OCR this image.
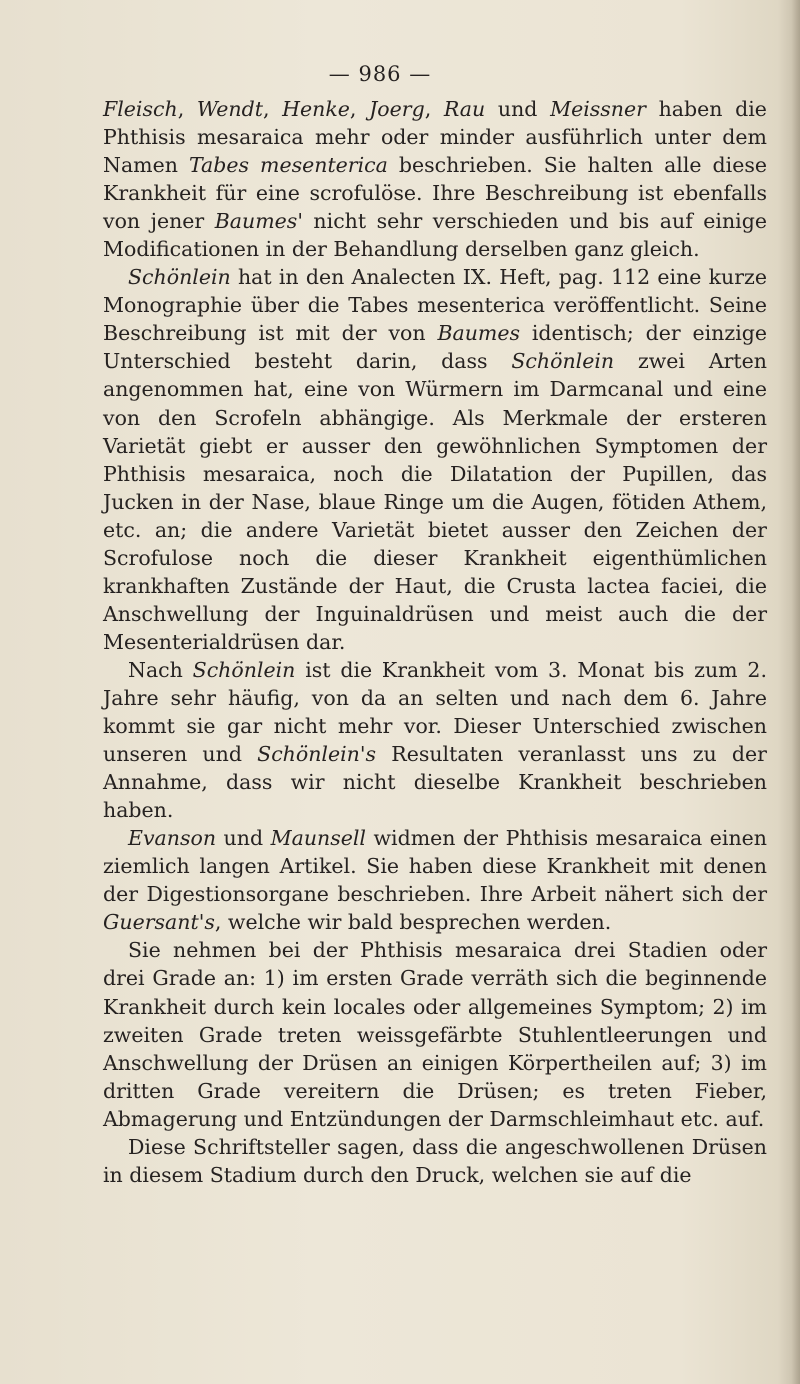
— 986 —

Fleisch, Wendt, Henke, Joerg, Rau und Meissner haben die Phthisis mesaraica mehr oder minder ausführlich unter dem Namen Tabes mesenterica beschrieben. Sie halten alle diese Krankheit für eine scrofulöse. Ihre Beschreibung ist ebenfalls von jener Baumes' nicht sehr verschieden und bis auf einige Modificationen in der Behandlung derselben ganz gleich.

Schönlein hat in den Analecten IX. Heft, pag. 112 eine kurze Monographie über die Tabes mesenterica veröffentlicht. Seine Beschreibung ist mit der von Baumes identisch; der einzige Unterschied besteht darin, dass Schönlein zwei Arten angenommen hat, eine von Würmern im Darmcanal und eine von den Scrofeln abhängige. Als Merkmale der ersteren Varietät giebt er ausser den gewöhnlichen Symptomen der Phthisis mesaraica, noch die Dilatation der Pupillen, das Jucken in der Nase, blaue Ringe um die Augen, fötiden Athem, etc. an; die andere Varietät bietet ausser den Zeichen der Scrofulose noch die dieser Krankheit eigenthümlichen krankhaften Zustände der Haut, die Crusta lactea faciei, die Anschwellung der Inguinaldrüsen und meist auch die der Mesenterialdrüsen dar.

Nach Schönlein ist die Krankheit vom 3. Monat bis zum 2. Jahre sehr häufig, von da an selten und nach dem 6. Jahre kommt sie gar nicht mehr vor. Dieser Unterschied zwischen unseren und Schönlein's Resultaten veranlasst uns zu der Annahme, dass wir nicht dieselbe Krankheit beschrieben haben.

Evanson und Maunsell widmen der Phthisis mesaraica einen ziemlich langen Artikel. Sie haben diese Krankheit mit denen der Digestionsorgane beschrieben. Ihre Arbeit nähert sich der Guersant's, welche wir bald besprechen werden.

Sie nehmen bei der Phthisis mesaraica drei Stadien oder drei Grade an: 1) im ersten Grade verräth sich die beginnende Krankheit durch kein locales oder allgemeines Symptom; 2) im zweiten Grade treten weissgefärbte Stuhlentleerungen und Anschwellung der Drüsen an einigen Körpertheilen auf; 3) im dritten Grade vereitern die Drüsen; es treten Fieber, Abmagerung und Entzündungen der Darmschleimhaut etc. auf.

Diese Schriftsteller sagen, dass die angeschwollenen Drüsen in diesem Stadium durch den Druck, welchen sie auf die
